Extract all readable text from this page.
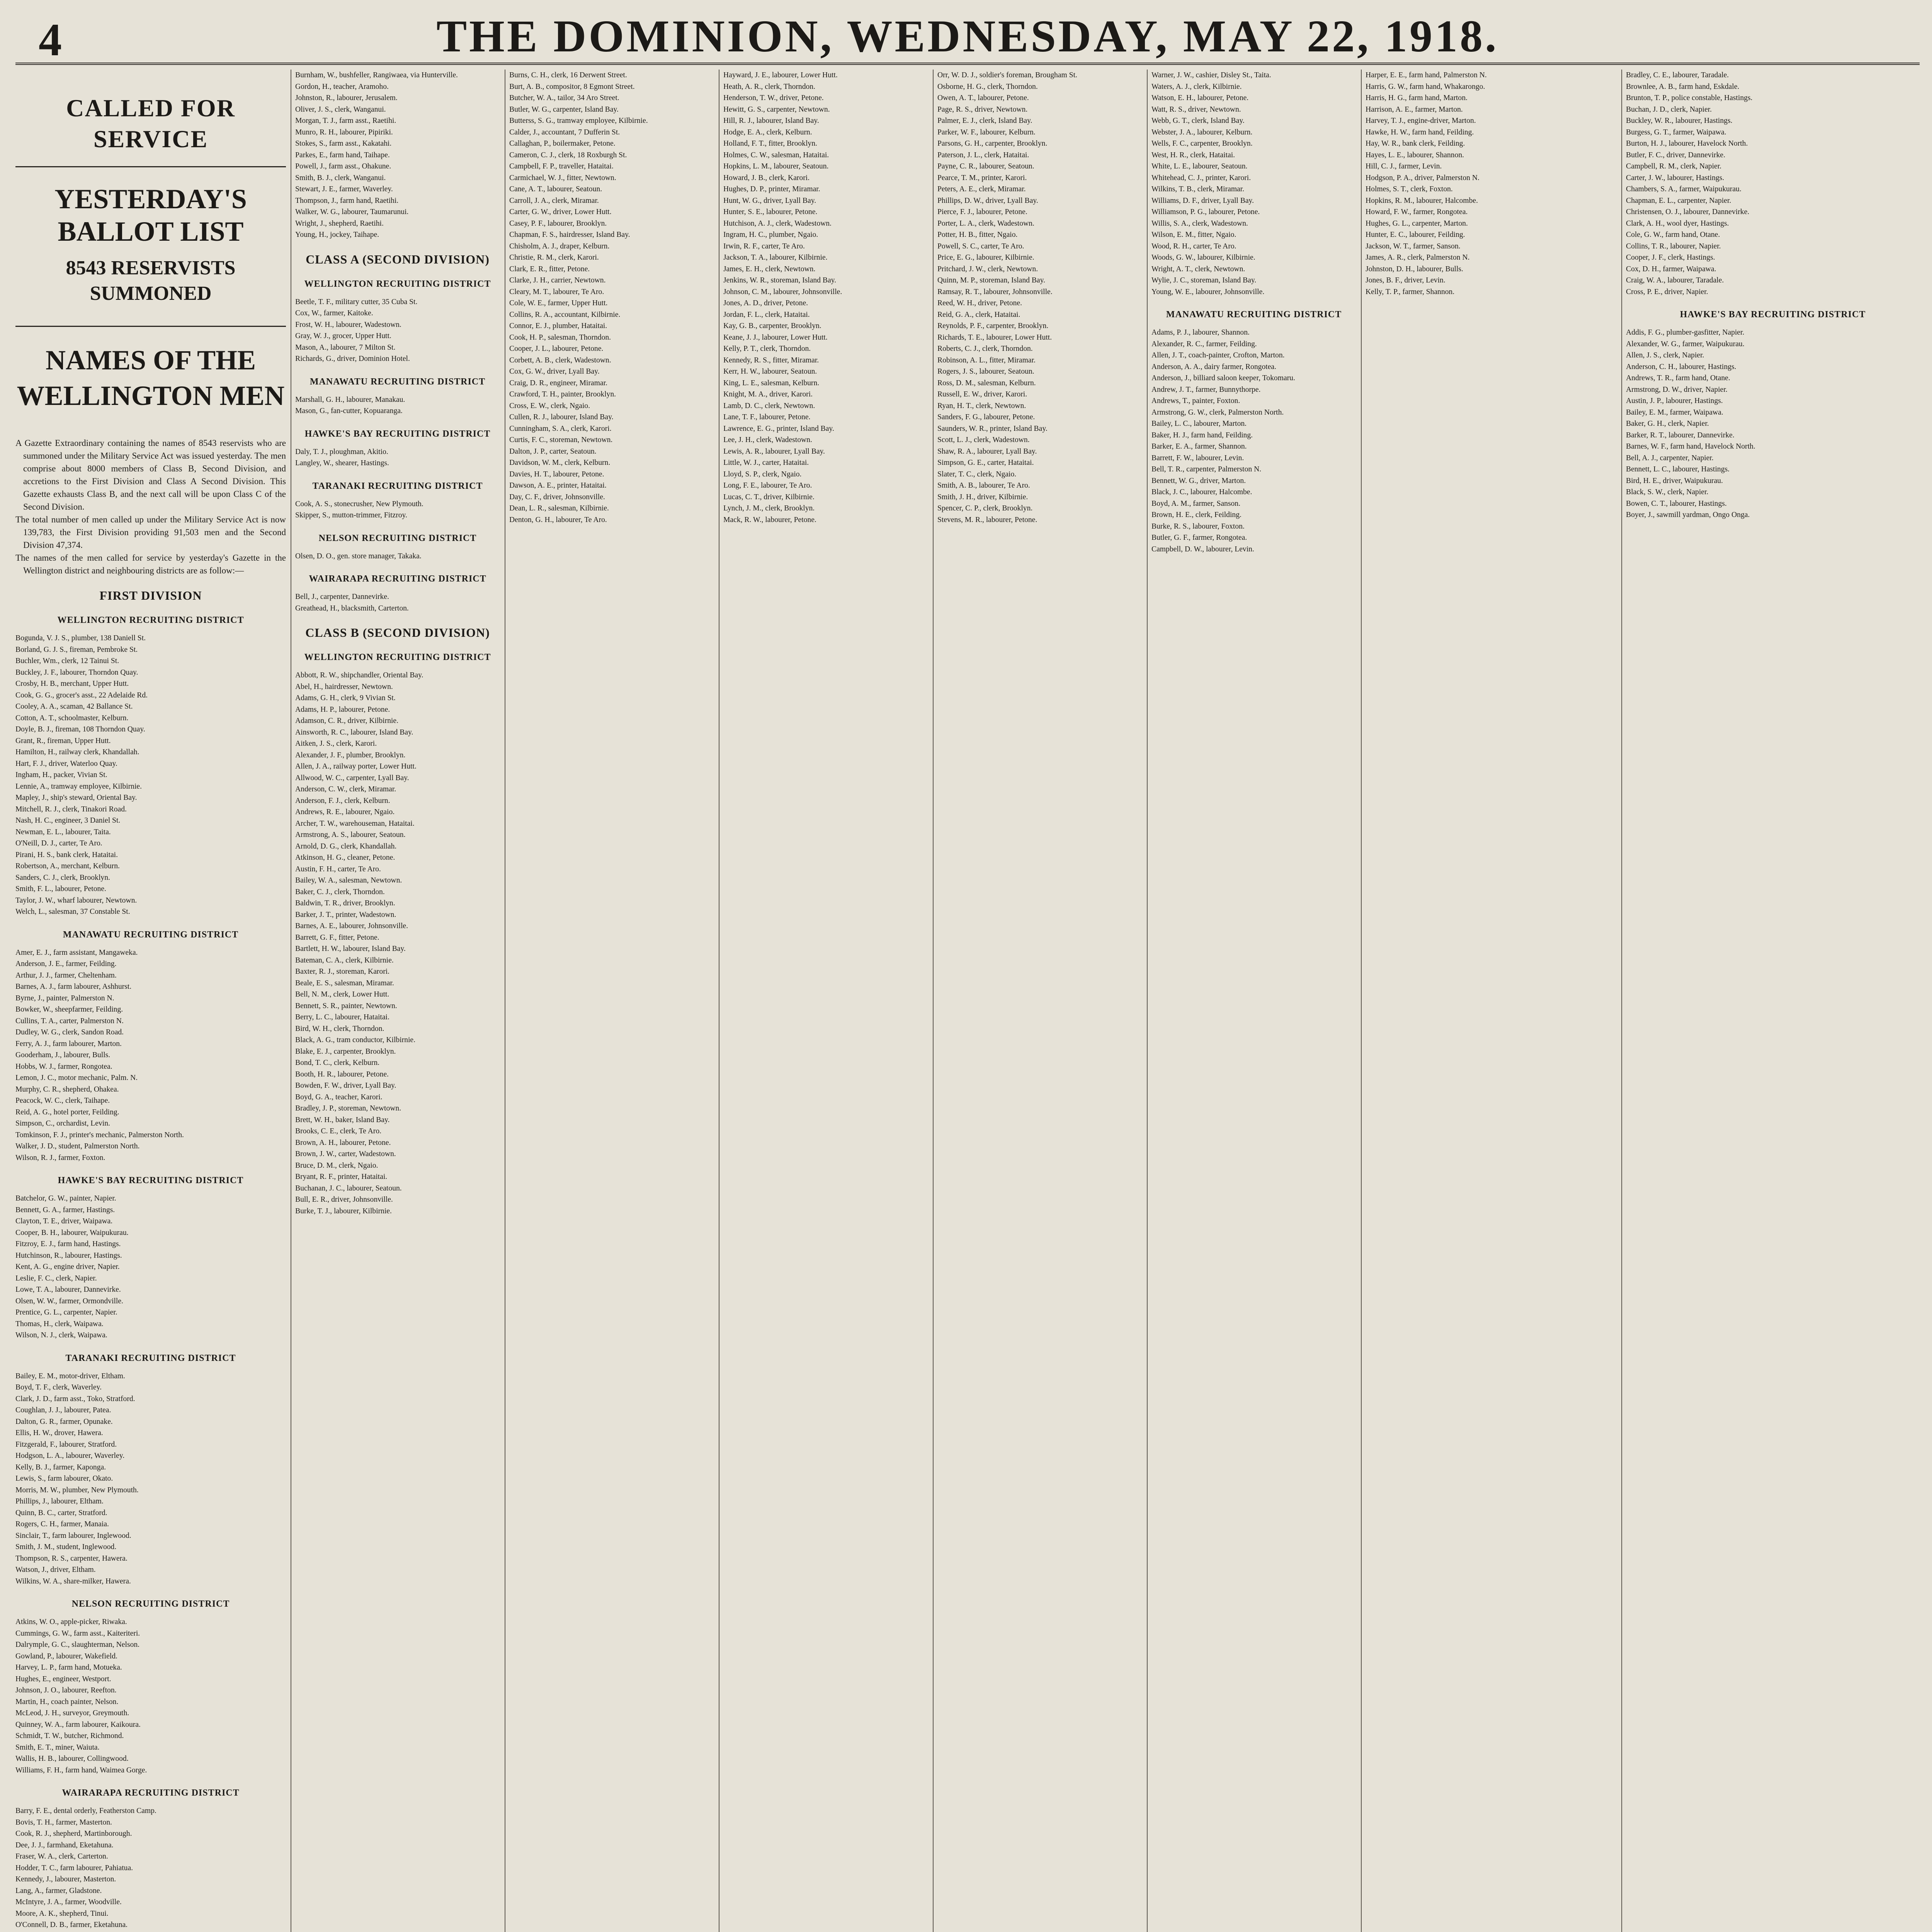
4	THE DOMINION, WEDNESDAY, MAY 22, 1918.
CALLED FOR SERVICE
YESTERDAY'S BALLOT LIST
8543 RESERVISTS SUMMONED
NAMES OF THE WELLINGTON MEN

A Gazette Extraordinary containing the names of 8543 reservists who are summoned under the Military Service Act was issued yesterday. The men comprise about 8000 members of Class B, Second Division, and accretions to the First Division and Class A Second Division. This Gazette exhausts Class B, and the next call will be upon Class C of the Second Division.

The total number of men called up under the Military Service Act is now 139,783, the First Division providing 91,503 men and the Second Division 47,374.

The names of the men called for service by yesterday's Gazette in the Wellington district and neighbouring districts are as follow:—

FIRST DIVISION
WELLINGTON RECRUITING DISTRICT

Bogunda, V. J. S., plumber, 138 Daniell St.

Borland, G. J. S., fireman, Pembroke St.

Buchler, Wm., clerk, 12 Tainui St.

Buckley, J. F., labourer, Thorndon Quay.

Crosby, H. B., merchant, Upper Hutt.

Cook, G. G., grocer's asst., 22 Adelaide Rd.

Cooley, A. A., scaman, 42 Ballance St.

Cotton, A. T., schoolmaster, Kelburn.

Doyle, B. J., fireman, 108 Thorndon Quay.

Grant, R., fireman, Upper Hutt.

Hamilton, H., railway clerk, Khandallah.

Hart, F. J., driver, Waterloo Quay.

Ingham, H., packer, Vivian St.

Lennie, A., tramway employee, Kilbirnie.

Mapley, J., ship's steward, Oriental Bay.

Mitchell, R. J., clerk, Tinakori Road.

Nash, H. C., engineer, 3 Daniel St.

Newman, E. L., labourer, Taita.

O'Neill, D. J., carter, Te Aro.

Pirani, H. S., bank clerk, Hataitai.

Robertson, A., merchant, Kelburn.

Sanders, C. J., clerk, Brooklyn.

Smith, F. L., labourer, Petone.

Taylor, J. W., wharf labourer, Newtown.

Welch, L., salesman, 37 Constable St.

MANAWATU RECRUITING DISTRICT

Amer, E. J., farm assistant, Mangaweka.

Anderson, J. E., farmer, Feilding.

Arthur, J. J., farmer, Cheltenham.

Barnes, A. J., farm labourer, Ashhurst.

Byrne, J., painter, Palmerston N.

Bowker, W., sheepfarmer, Feilding.

Cullins, T. A., carter, Palmerston N.

Dudley, W. G., clerk, Sandon Road.

Ferry, A. J., farm labourer, Marton.

Gooderham, J., labourer, Bulls.

Hobbs, W. J., farmer, Rongotea.

Lemon, J. C., motor mechanic, Palm. N.

Murphy, C. R., shepherd, Ohakea.

Peacock, W. C., clerk, Taihape.

Reid, A. G., hotel porter, Feilding.

Simpson, C., orchardist, Levin.

Tomkinson, F. J., printer's mechanic, Palmerston North.

Walker, J. D., student, Palmerston North.

Wilson, R. J., farmer, Foxton.

HAWKE'S BAY RECRUITING DISTRICT

Batchelor, G. W., painter, Napier.

Bennett, G. A., farmer, Hastings.

Clayton, T. E., driver, Waipawa.

Cooper, B. H., labourer, Waipukurau.

Fitzroy, E. J., farm hand, Hastings.

Hutchinson, R., labourer, Hastings.

Kent, A. G., engine driver, Napier.

Leslie, F. C., clerk, Napier.

Lowe, T. A., labourer, Dannevirke.

Olsen, W. W., farmer, Ormondville.

Prentice, G. L., carpenter, Napier.

Thomas, H., clerk, Waipawa.

Wilson, N. J., clerk, Waipawa.

TARANAKI RECRUITING DISTRICT

Bailey, E. M., motor-driver, Eltham.

Boyd, T. F., clerk, Waverley.

Clark, J. D., farm asst., Toko, Stratford.

Coughlan, J. J., labourer, Patea.

Dalton, G. R., farmer, Opunake.

Ellis, H. W., drover, Hawera.

Fitzgerald, F., labourer, Stratford.

Hodgson, L. A., labourer, Waverley.

Kelly, B. J., farmer, Kaponga.

Lewis, S., farm labourer, Okato.

Morris, M. W., plumber, New Plymouth.

Phillips, J., labourer, Eltham.

Quinn, B. C., carter, Stratford.

Rogers, C. H., farmer, Manaia.

Sinclair, T., farm labourer, Inglewood.

Smith, J. M., student, Inglewood.

Thompson, R. S., carpenter, Hawera.

Watson, J., driver, Eltham.

Wilkins, W. A., share-milker, Hawera.

NELSON RECRUITING DISTRICT

Atkins, W. O., apple-picker, Riwaka.

Cummings, G. W., farm asst., Kaiteriteri.

Dalrymple, G. C., slaughterman, Nelson.

Gowland, P., labourer, Wakefield.

Harvey, L. P., farm hand, Motueka.

Hughes, E., engineer, Westport.

Johnson, J. O., labourer, Reefton.

Martin, H., coach painter, Nelson.

McLeod, J. H., surveyor, Greymouth.

Quinney, W. A., farm labourer, Kaikoura.

Schmidt, T. W., butcher, Richmond.

Smith, E. T., miner, Waiuta.

Wallis, H. B., labourer, Collingwood.

Williams, F. H., farm hand, Waimea Gorge.

WAIRARAPA RECRUITING DISTRICT

Barry, F. E., dental orderly, Featherston Camp.

Bovis, T. H., farmer, Masterton.

Cook, R. J., shepherd, Martinborough.

Dee, J. J., farmhand, Eketahuna.

Fraser, W. A., clerk, Carterton.

Hodder, T. C., farm labourer, Pahiatua.

Kennedy, J., labourer, Masterton.

Lang, A., farmer, Gladstone.

McIntyre, J. A., farmer, Woodville.

Moore, A. K., shepherd, Tinui.

O'Connell, D. B., farmer, Eketahuna.

Burnham, W., bushfeller, Rangiwaea, via Hunterville.

Gordon, H., teacher, Aramoho.

Johnston, R., labourer, Jerusalem.

Oliver, J. S., clerk, Wanganui.

Morgan, T. J., farm asst., Raetihi.

Munro, R. H., labourer, Pipiriki.

Stokes, S., farm asst., Kakatahi.

Parkes, E., farm hand, Taihape.

Powell, J., farm asst., Ohakune.

Smith, B. J., clerk, Wanganui.

Stewart, J. E., farmer, Waverley.

Thompson, J., farm hand, Raetihi.

Walker, W. G., labourer, Taumarunui.

Wright, J., shepherd, Raetihi.

Young, H., jockey, Taihape.

CLASS A (SECOND DIVISION)
WELLINGTON RECRUITING DISTRICT

Beetle, T. F., military cutter, 35 Cuba St.

Cox, W., farmer, Kaitoke.

Frost, W. H., labourer, Wadestown.

Gray, W. J., grocer, Upper Hutt.

Mason, A., labourer, 7 Milton St.

Richards, G., driver, Dominion Hotel.

MANAWATU RECRUITING DISTRICT

Marshall, G. H., labourer, Manakau.

Mason, G., fan-cutter, Kopuaranga.

HAWKE'S BAY RECRUITING DISTRICT

Daly, T. J., ploughman, Akitio.

Langley, W., shearer, Hastings.

TARANAKI RECRUITING DISTRICT

Cook, A. S., stonecrusher, New Plymouth.

Skipper, S., mutton-trimmer, Fitzroy.

NELSON RECRUITING DISTRICT

Olsen, D. O., gen. store manager, Takaka.

WAIRARAPA RECRUITING DISTRICT

Bell, J., carpenter, Dannevirke.

Greathead, H., blacksmith, Carterton.

CLASS B (SECOND DIVISION)
WELLINGTON RECRUITING DISTRICT

Abbott, R. W., shipchandler, Oriental Bay.

Abel, H., hairdresser, Newtown.

Adams, G. H., clerk, 9 Vivian St.

Adams, H. P., labourer, Petone.

Adamson, C. R., driver, Kilbirnie.

Ainsworth, R. C., labourer, Island Bay.

Aitken, J. S., clerk, Karori.

Alexander, J. F., plumber, Brooklyn.

Allen, J. A., railway porter, Lower Hutt.

Allwood, W. C., carpenter, Lyall Bay.

Anderson, C. W., clerk, Miramar.

Anderson, F. J., clerk, Kelburn.

Andrews, R. E., labourer, Ngaio.

Archer, T. W., warehouseman, Hataitai.

Armstrong, A. S., labourer, Seatoun.

Arnold, D. G., clerk, Khandallah.

Atkinson, H. G., cleaner, Petone.

Austin, F. H., carter, Te Aro.

Bailey, W. A., salesman, Newtown.

Baker, C. J., clerk, Thorndon.

Baldwin, T. R., driver, Brooklyn.

Barker, J. T., printer, Wadestown.

Barnes, A. E., labourer, Johnsonville.

Barrett, G. F., fitter, Petone.

Bartlett, H. W., labourer, Island Bay.

Bateman, C. A., clerk, Kilbirnie.

Baxter, R. J., storeman, Karori.

Beale, E. S., salesman, Miramar.

Bell, N. M., clerk, Lower Hutt.

Bennett, S. R., painter, Newtown.

Berry, L. C., labourer, Hataitai.

Bird, W. H., clerk, Thorndon.

Black, A. G., tram conductor, Kilbirnie.

Blake, E. J., carpenter, Brooklyn.

Bond, T. C., clerk, Kelburn.

Booth, H. R., labourer, Petone.

Bowden, F. W., driver, Lyall Bay.

Boyd, G. A., teacher, Karori.

Bradley, J. P., storeman, Newtown.

Brett, W. H., baker, Island Bay.

Brooks, C. E., clerk, Te Aro.

Brown, A. H., labourer, Petone.

Brown, J. W., carter, Wadestown.

Bruce, D. M., clerk, Ngaio.

Bryant, R. F., printer, Hataitai.

Buchanan, J. C., labourer, Seatoun.

Bull, E. R., driver, Johnsonville.

Burke, T. J., labourer, Kilbirnie.

Burns, C. H., clerk, 16 Derwent Street.

Burt, A. B., compositor, 8 Egmont Street.

Butcher, W. A., tailor, 34 Aro Street.

Butler, W. G., carpenter, Island Bay.

Butterss, S. G., tramway employee, Kilbirnie.

Calder, J., accountant, 7 Dufferin St.

Callaghan, P., boilermaker, Petone.

Cameron, C. J., clerk, 18 Roxburgh St.

Campbell, F. P., traveller, Hataitai.

Carmichael, W. J., fitter, Newtown.

Cane, A. T., labourer, Seatoun.

Carroll, J. A., clerk, Miramar.

Carter, G. W., driver, Lower Hutt.

Casey, P. F., labourer, Brooklyn.

Chapman, F. S., hairdresser, Island Bay.

Chisholm, A. J., draper, Kelburn.

Christie, R. M., clerk, Karori.

Clark, E. R., fitter, Petone.

Clarke, J. H., carrier, Newtown.

Cleary, M. T., labourer, Te Aro.

Cole, W. E., farmer, Upper Hutt.

Collins, R. A., accountant, Kilbirnie.

Connor, E. J., plumber, Hataitai.

Cook, H. P., salesman, Thorndon.

Cooper, J. L., labourer, Petone.

Corbett, A. B., clerk, Wadestown.

Cox, G. W., driver, Lyall Bay.

Craig, D. R., engineer, Miramar.

Crawford, T. H., painter, Brooklyn.

Cross, E. W., clerk, Ngaio.

Cullen, R. J., labourer, Island Bay.

Cunningham, S. A., clerk, Karori.

Curtis, F. C., storeman, Newtown.

Dalton, J. P., carter, Seatoun.

Davidson, W. M., clerk, Kelburn.

Davies, H. T., labourer, Petone.

Dawson, A. E., printer, Hataitai.

Day, C. F., driver, Johnsonville.

Dean, L. R., salesman, Kilbirnie.

Denton, G. H., labourer, Te Aro.

Hayward, J. E., labourer, Lower Hutt.

Heath, A. R., clerk, Thorndon.

Henderson, T. W., driver, Petone.

Hewitt, G. S., carpenter, Newtown.

Hill, R. J., labourer, Island Bay.

Hodge, E. A., clerk, Kelburn.

Holland, F. T., fitter, Brooklyn.

Holmes, C. W., salesman, Hataitai.

Hopkins, L. M., labourer, Seatoun.

Howard, J. B., clerk, Karori.

Hughes, D. P., printer, Miramar.

Hunt, W. G., driver, Lyall Bay.

Hunter, S. E., labourer, Petone.

Hutchison, A. J., clerk, Wadestown.

Ingram, H. C., plumber, Ngaio.

Irwin, R. F., carter, Te Aro.

Jackson, T. A., labourer, Kilbirnie.

James, E. H., clerk, Newtown.

Jenkins, W. R., storeman, Island Bay.

Johnson, C. M., labourer, Johnsonville.

Jones, A. D., driver, Petone.

Jordan, F. L., clerk, Hataitai.

Kay, G. B., carpenter, Brooklyn.

Keane, J. J., labourer, Lower Hutt.

Kelly, P. T., clerk, Thorndon.

Kennedy, R. S., fitter, Miramar.

Kerr, H. W., labourer, Seatoun.

King, L. E., salesman, Kelburn.

Knight, M. A., driver, Karori.

Lamb, D. C., clerk, Newtown.

Lane, T. F., labourer, Petone.

Lawrence, E. G., printer, Island Bay.

Lee, J. H., clerk, Wadestown.

Lewis, A. R., labourer, Lyall Bay.

Little, W. J., carter, Hataitai.

Lloyd, S. P., clerk, Ngaio.

Long, F. E., labourer, Te Aro.

Lucas, C. T., driver, Kilbirnie.

Lynch, J. M., clerk, Brooklyn.

Mack, R. W., labourer, Petone.

Orr, W. D. J., soldier's foreman, Brougham St.

Osborne, H. G., clerk, Thorndon.

Owen, A. T., labourer, Petone.

Page, R. S., driver, Newtown.

Palmer, E. J., clerk, Island Bay.

Parker, W. F., labourer, Kelburn.

Parsons, G. H., carpenter, Brooklyn.

Paterson, J. L., clerk, Hataitai.

Payne, C. R., labourer, Seatoun.

Pearce, T. M., printer, Karori.

Peters, A. E., clerk, Miramar.

Phillips, D. W., driver, Lyall Bay.

Pierce, F. J., labourer, Petone.

Porter, L. A., clerk, Wadestown.

Potter, H. B., fitter, Ngaio.

Powell, S. C., carter, Te Aro.

Price, E. G., labourer, Kilbirnie.

Pritchard, J. W., clerk, Newtown.

Quinn, M. P., storeman, Island Bay.

Ramsay, R. T., labourer, Johnsonville.

Reed, W. H., driver, Petone.

Reid, G. A., clerk, Hataitai.

Reynolds, P. F., carpenter, Brooklyn.

Richards, T. E., labourer, Lower Hutt.

Roberts, C. J., clerk, Thorndon.

Robinson, A. L., fitter, Miramar.

Rogers, J. S., labourer, Seatoun.

Ross, D. M., salesman, Kelburn.

Russell, E. W., driver, Karori.

Ryan, H. T., clerk, Newtown.

Sanders, F. G., labourer, Petone.

Saunders, W. R., printer, Island Bay.

Scott, L. J., clerk, Wadestown.

Shaw, R. A., labourer, Lyall Bay.

Simpson, G. E., carter, Hataitai.

Slater, T. C., clerk, Ngaio.

Smith, A. B., labourer, Te Aro.

Smith, J. H., driver, Kilbirnie.

Spencer, C. P., clerk, Brooklyn.

Stevens, M. R., labourer, Petone.

Warner, J. W., cashier, Disley St., Taita.

Waters, A. J., clerk, Kilbirnie.

Watson, E. H., labourer, Petone.

Watt, R. S., driver, Newtown.

Webb, G. T., clerk, Island Bay.

Webster, J. A., labourer, Kelburn.

Wells, F. C., carpenter, Brooklyn.

West, H. R., clerk, Hataitai.

White, L. E., labourer, Seatoun.

Whitehead, C. J., printer, Karori.

Wilkins, T. B., clerk, Miramar.

Williams, D. F., driver, Lyall Bay.

Williamson, P. G., labourer, Petone.

Willis, S. A., clerk, Wadestown.

Wilson, E. M., fitter, Ngaio.

Wood, R. H., carter, Te Aro.

Woods, G. W., labourer, Kilbirnie.

Wright, A. T., clerk, Newtown.

Wylie, J. C., storeman, Island Bay.

Young, W. E., labourer, Johnsonville.

MANAWATU RECRUITING DISTRICT

Adams, P. J., labourer, Shannon.

Alexander, R. C., farmer, Feilding.

Allen, J. T., coach-painter, Crofton, Marton.

Anderson, A. A., dairy farmer, Rongotea.

Anderson, J., billiard saloon keeper, Tokomaru.

Andrew, J. T., farmer, Bunnythorpe.

Andrews, T., painter, Foxton.

Armstrong, G. W., clerk, Palmerston North.

Bailey, L. C., labourer, Marton.

Baker, H. J., farm hand, Feilding.

Barker, E. A., farmer, Shannon.

Barrett, F. W., labourer, Levin.

Bell, T. R., carpenter, Palmerston N.

Bennett, W. G., driver, Marton.

Black, J. C., labourer, Halcombe.

Boyd, A. M., farmer, Sanson.

Brown, H. E., clerk, Feilding.

Burke, R. S., labourer, Foxton.

Butler, G. F., farmer, Rongotea.

Campbell, D. W., labourer, Levin.

Harper, E. E., farm hand, Palmerston N.

Harris, G. W., farm hand, Whakarongo.

Harris, H. G., farm hand, Marton.

Harrison, A. E., farmer, Marton.

Harvey, T. J., engine-driver, Marton.

Hawke, H. W., farm hand, Feilding.

Hay, W. R., bank clerk, Feilding.

Hayes, L. E., labourer, Shannon.

Hill, C. J., farmer, Levin.

Hodgson, P. A., driver, Palmerston N.

Holmes, S. T., clerk, Foxton.

Hopkins, R. M., labourer, Halcombe.

Howard, F. W., farmer, Rongotea.

Hughes, G. L., carpenter, Marton.

Hunter, E. C., labourer, Feilding.

Jackson, W. T., farmer, Sanson.

James, A. R., clerk, Palmerston N.

Johnston, D. H., labourer, Bulls.

Jones, B. F., driver, Levin.

Kelly, T. P., farmer, Shannon.

Bradley, C. E., labourer, Taradale.

Brownlee, A. B., farm hand, Eskdale.

Brunton, T. P., police constable, Hastings.

Buchan, J. D., clerk, Napier.

Buckley, W. R., labourer, Hastings.

Burgess, G. T., farmer, Waipawa.

Burton, H. J., labourer, Havelock North.

Butler, F. C., driver, Dannevirke.

Campbell, R. M., clerk, Napier.

Carter, J. W., labourer, Hastings.

Chambers, S. A., farmer, Waipukurau.

Chapman, E. L., carpenter, Napier.

Christensen, O. J., labourer, Dannevirke.

Clark, A. H., wool dyer, Hastings.

Cole, G. W., farm hand, Otane.

Collins, T. R., labourer, Napier.

Cooper, J. F., clerk, Hastings.

Cox, D. H., farmer, Waipawa.

Craig, W. A., labourer, Taradale.

Cross, P. E., driver, Napier.

HAWKE'S BAY RECRUITING DISTRICT

Addis, F. G., plumber-gasfitter, Napier.

Alexander, W. G., farmer, Waipukurau.

Allen, J. S., clerk, Napier.

Anderson, C. H., labourer, Hastings.

Andrews, T. R., farm hand, Otane.

Armstrong, D. W., driver, Napier.

Austin, J. P., labourer, Hastings.

Bailey, E. M., farmer, Waipawa.

Baker, G. H., clerk, Napier.

Barker, R. T., labourer, Dannevirke.

Barnes, W. F., farm hand, Havelock North.

Bell, A. J., carpenter, Napier.

Bennett, L. C., labourer, Hastings.

Bird, H. E., driver, Waipukurau.

Black, S. W., clerk, Napier.

Bowen, C. T., labourer, Hastings.

Boyer, J., sawmill yardman, Ongo Onga.
